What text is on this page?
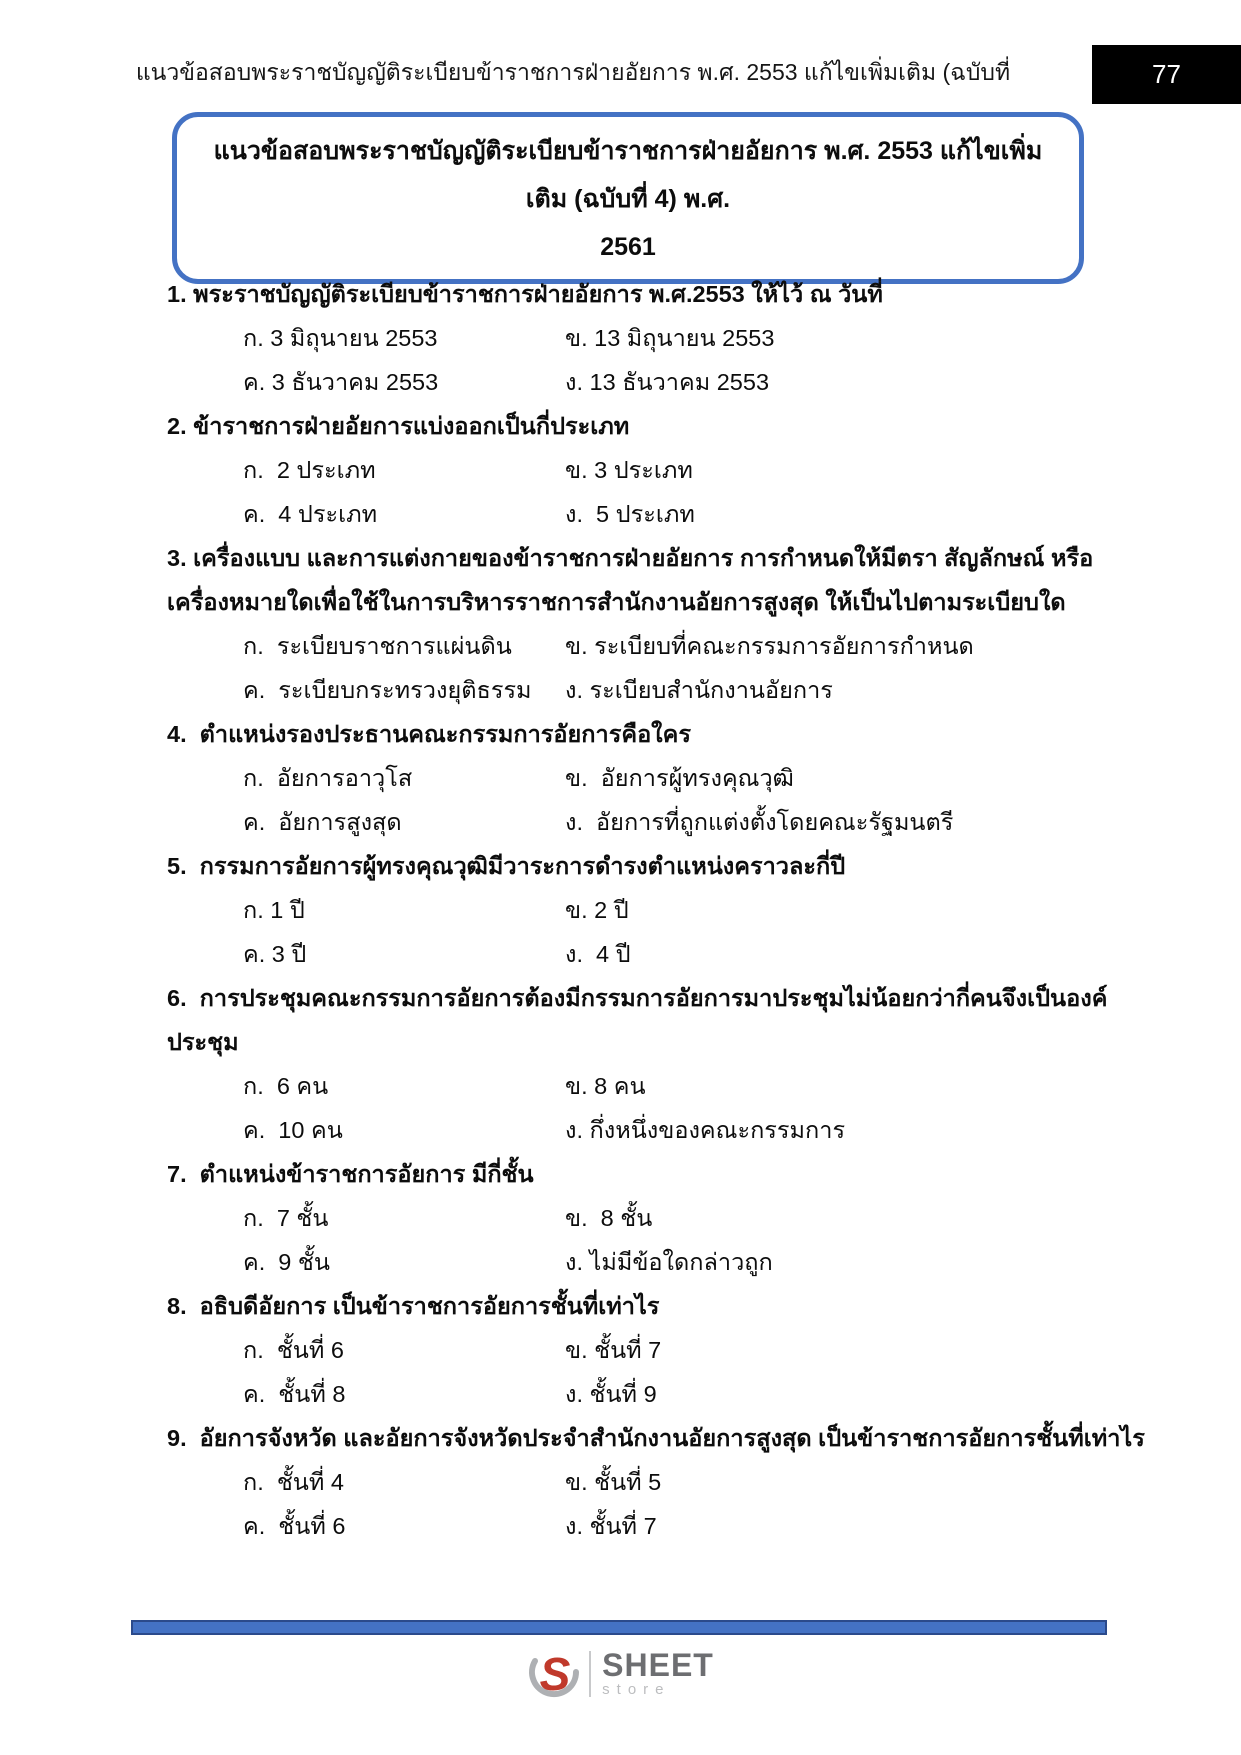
แนวข้อสอบพระราชบัญญัติระเบียบข้าราชการฝ่ายอัยการ พ.ศ. 2553 แก้ไขเพิ่มเติม (ฉบับที่	77
แนวข้อสอบพระราชบัญญัติระเบียบข้าราชการฝ่ายอัยการ พ.ศ. 2553 แก้ไขเพิ่มเติม (ฉบับที่ 4) พ.ศ.
2561
1. พระราชบัญญัติระเบียบข้าราชการฝ่ายอัยการ พ.ศ.2553 ให้ไว้ ณ วันที่
ก. 3 มิถุนายน 2553	ข. 13 มิถุนายน 2553
ค. 3 ธันวาคม 2553	ง. 13 ธันวาคม 2553
2. ข้าราชการฝ่ายอัยการแบ่งออกเป็นกี่ประเภท
ก.  2 ประเภท	ข. 3 ประเภท
ค.  4 ประเภท	ง.  5 ประเภท
3. เครื่องแบบ และการแต่งกายของข้าราชการฝ่ายอัยการ การกำหนดให้มีตรา สัญลักษณ์ หรือ
เครื่องหมายใดเพื่อใช้ในการบริหารราชการสำนักงานอัยการสูงสุด ให้เป็นไปตามระเบียบใด
ก.  ระเบียบราชการแผ่นดิน ข. ระเบียบที่คณะกรรมการอัยการกำหนด
ค.  ระเบียบกระทรวงยุติธรรม ง. ระเบียบสำนักงานอัยการ
4.  ตำแหน่งรองประธานคณะกรรมการอัยการคือใคร
ก.  อัยการอาวุโส	ข.  อัยการผู้ทรงคุณวุฒิ
ค.  อัยการสูงสุด	ง.  อัยการที่ถูกแต่งตั้งโดยคณะรัฐมนตรี
5.  กรรมการอัยการผู้ทรงคุณวุฒิมีวาระการดำรงตำแหน่งคราวละกี่ปี
ก. 1 ปี	ข. 2 ปี
ค. 3 ปี	ง.  4 ปี
6.  การประชุมคณะกรรมการอัยการต้องมีกรรมการอัยการมาประชุมไม่น้อยกว่ากี่คนจึงเป็นองค์
ประชุม
ก.  6 คน	ข. 8 คน
ค.  10 คน	ง. กึ่งหนึ่งของคณะกรรมการ
7.  ตำแหน่งข้าราชการอัยการ มีกี่ชั้น
ก.  7 ชั้น	ข.  8 ชั้น
ค.  9 ชั้น	ง. ไม่มีข้อใดกล่าวถูก
8.  อธิบดีอัยการ เป็นข้าราชการอัยการชั้นที่เท่าไร
ก.  ชั้นที่ 6	ข. ชั้นที่ 7
ค.  ชั้นที่ 8	ง. ชั้นที่ 9
9.  อัยการจังหวัด และอัยการจังหวัดประจำสำนักงานอัยการสูงสุด เป็นข้าราชการอัยการชั้นที่เท่าไร
ก.  ชั้นที่ 4	ข. ชั้นที่ 5
ค.  ชั้นที่ 6	ง. ชั้นที่ 7
S SHEET
store
